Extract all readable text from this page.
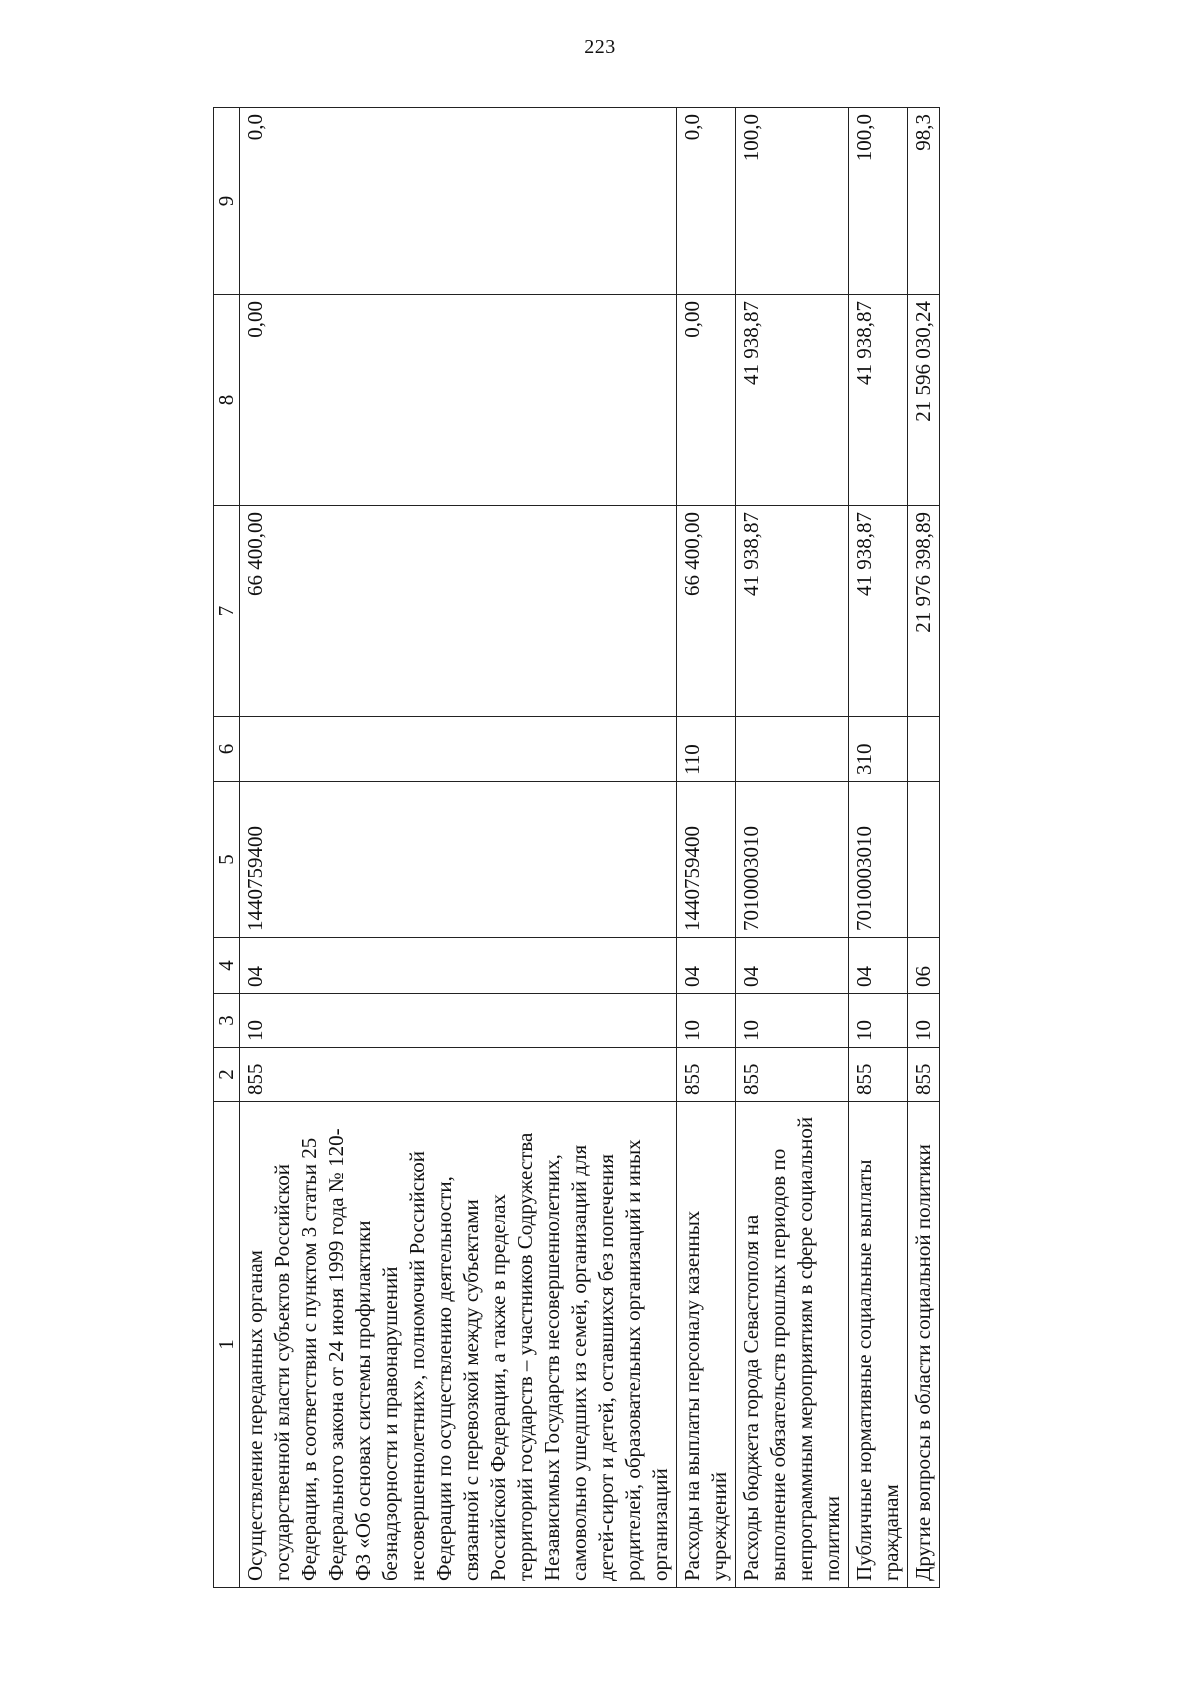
223
1	2	3	4	5	6	7	8	9
Осуществление переданных органам государственной власти субъектов Российской Федерации, в соответствии с пунктом 3 статьи 25 Федерального закона от 24 июня 1999 года № 120-ФЗ «Об основах системы профилактики безнадзорности и правонарушений несовершеннолетних», полномочий Российской Федерации по осуществлению деятельности, связанной с перевозкой между субъектами Российской Федерации, а также в пределах территорий государств – участников Содружества Независимых Государств несовершеннолетних, самовольно ушедших из семей, организаций для детей-сирот и детей, оставшихся без попечения родителей, образовательных организаций и иных организаций	855	10	04	1440759400		66 400,00	0,00	0,0
Расходы на выплаты персоналу казенных учреждений	855	10	04	1440759400	110	66 400,00	0,00	0,0
Расходы бюджета города Севастополя на выполнение обязательств прошлых периодов по непрограммным мероприятиям в сфере социальной политики	855	10	04	7010003010		41 938,87	41 938,87	100,0
Публичные нормативные социальные выплаты гражданам	855	10	04	7010003010	310	41 938,87	41 938,87	100,0
Другие вопросы в области социальной политики	855	10	06			21 976 398,89	21 596 030,24	98,3
